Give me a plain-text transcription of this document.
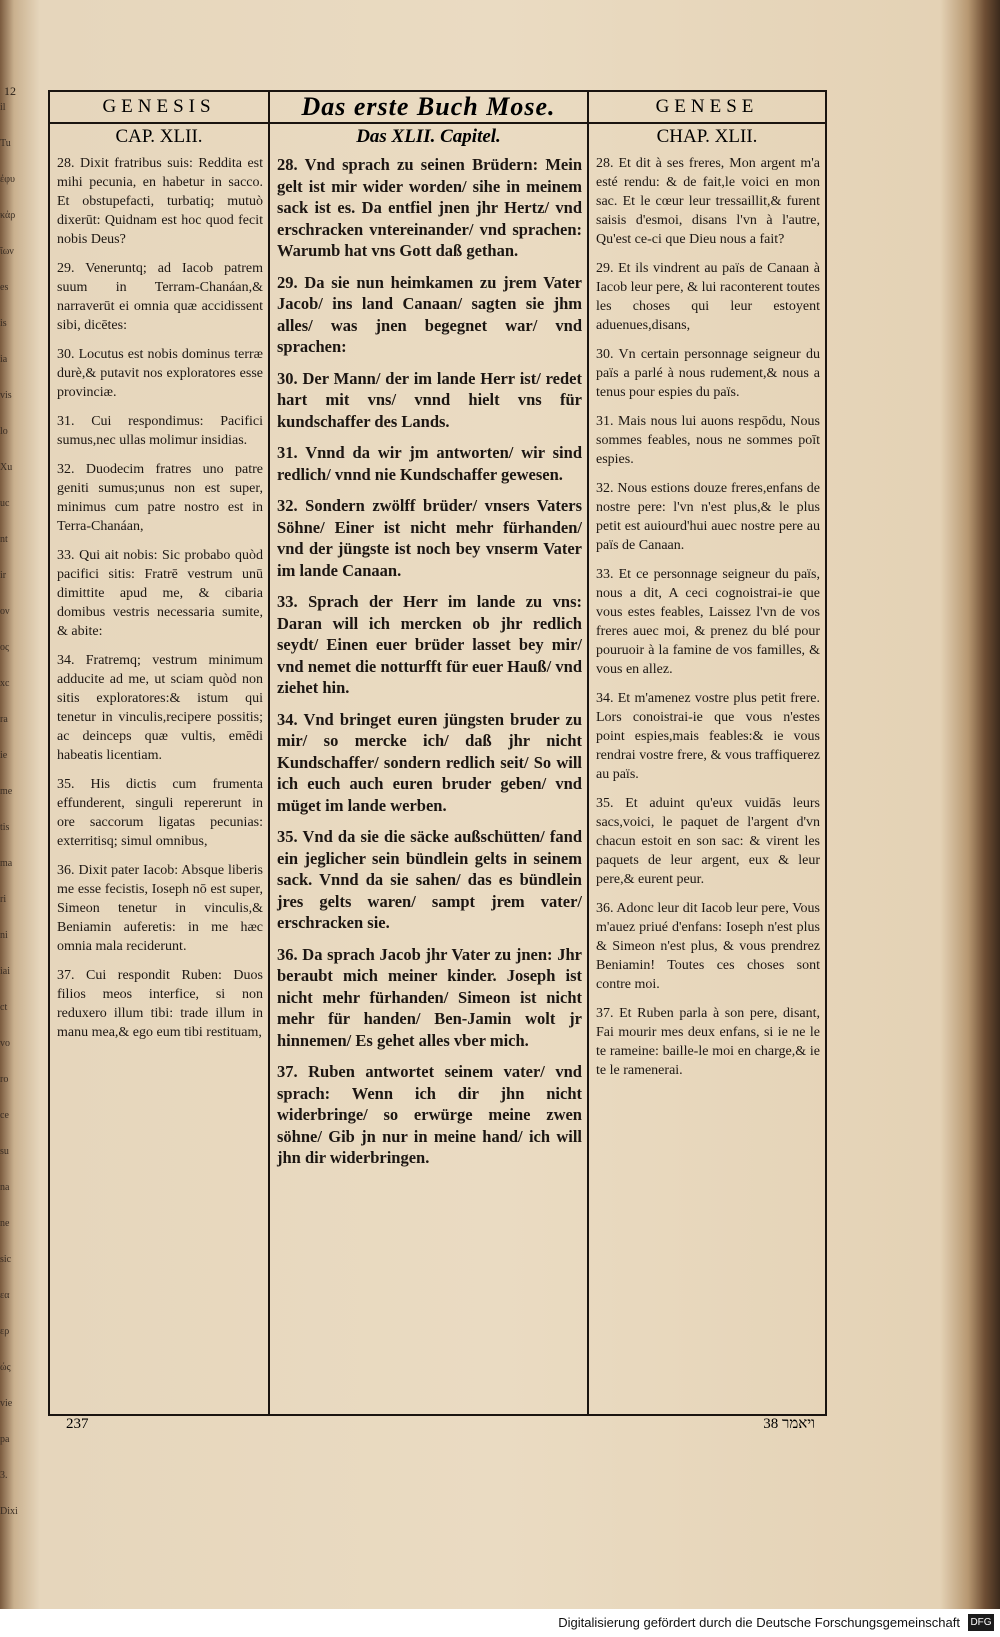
12
il
Tu
ἐφυ
κἀρ
ῖων
es
is
ia
vis
lo
Xu
uc
nt
ir
ον
ος
xc
ra
ie
me
tis
ma
ri
ni
iai
ct
vo
ro
ce
su
na
ne
sic
εα
ερ
ώς
vie
pa
3. Dixi
GENESIS
CAP. XLII.

28. Dixit fratribus suis: Reddita est mihi pecunia, en habetur in sacco. Et obstupefacti, turbatiq; mutuò dixerūt: Quidnam est hoc quod fecit nobis Deus?

29. Veneruntq; ad Iacob patrem suum in Terram-Chanáan,& narraverūt ei omnia quæ accidissent sibi, dicētes:

30. Locutus est nobis dominus terræ durè,& putavit nos exploratores esse provinciæ.

31. Cui respondimus: Pacifici sumus,nec ullas molimur insidias.

32. Duodecim fratres uno patre geniti sumus;unus non est super, minimus cum patre nostro est in Terra-Chanáan,

33. Qui ait nobis: Sic probabo quòd pacifici sitis: Fratrē vestrum unū dimittite apud me, & cibaria domibus vestris necessaria sumite, & abite:

34. Fratremq; vestrum minimum adducite ad me, ut sciam quòd non sitis exploratores:& istum qui tenetur in vinculis,recipere possitis; ac deinceps quæ vultis, emēdi habeatis licentiam.

35. His dictis cum frumenta effunderent, singuli repererunt in ore saccorum ligatas pecunias: exterritisq; simul omnibus,

36. Dixit pater Iacob: Absque liberis me esse fecistis, Ioseph nō est super, Simeon tenetur in vinculis,& Beniamin auferetis: in me hæc omnia mala reciderunt.

37. Cui respondit Ruben: Duos filios meos interfice, si non reduxero illum tibi: trade illum in manu mea,& ego eum tibi restituam,

Das erste Buch Mose.
Das XLII. Capitel.

28. Vnd sprach zu seinen Brüdern: Mein gelt ist mir wider worden/ sihe in meinem sack ist es. Da entfiel jnen jhr Hertz/ vnd erschracken vntereinander/ vnd sprachen: Warumb hat vns Gott daß gethan.

29. Da sie nun heimkamen zu jrem Vater Jacob/ ins land Canaan/ sagten sie jhm alles/ was jnen begegnet war/ vnd sprachen:

30. Der Mann/ der im lande Herr ist/ redet hart mit vns/ vnnd hielt vns für kundschaffer des Lands.

31. Vnnd da wir jm antworten/ wir sind redlich/ vnnd nie Kundschaffer gewesen.

32. Sondern zwölff brüder/ vnsers Vaters Söhne/ Einer ist nicht mehr fürhanden/ vnd der jüngste ist noch bey vnserm Vater im lande Canaan.

33. Sprach der Herr im lande zu vns: Daran will ich mercken ob jhr redlich seydt/ Einen euer brüder lasset bey mir/ vnd nemet die notturfft für euer Hauß/ vnd ziehet hin.

34. Vnd bringet euren jüngsten bruder zu mir/ so mercke ich/ daß jhr nicht Kundschaffer/ sondern redlich seit/ So will ich euch auch euren bruder geben/ vnd müget im lande werben.

35. Vnd da sie die säcke außschütten/ fand ein jeglicher sein bündlein gelts in seinem sack. Vnnd da sie sahen/ das es bündlein jres gelts waren/ sampt jrem vater/ erschracken sie.

36. Da sprach Jacob jhr Vater zu jnen: Jhr beraubt mich meiner kinder. Joseph ist nicht mehr fürhanden/ Simeon ist nicht mehr für handen/ Ben-Jamin wolt jr hinnemen/ Es gehet alles vber mich.

37. Ruben antwortet seinem vater/ vnd sprach: Wenn ich dir jhn nicht widerbringe/ so erwürge meine zwen söhne/ Gib jn nur in meine hand/ ich will jhn dir widerbringen.

GENESE
CHAP. XLII.

28. Et dit à ses freres, Mon argent m'a esté rendu: & de fait,le voici en mon sac. Et le cœur leur tressaillit,& furent saisis d'esmoi, disans l'vn à l'autre, Qu'est ce-ci que Dieu nous a fait?

29. Et ils vindrent au païs de Canaan à Iacob leur pere, & lui raconterent toutes les choses qui leur estoyent aduenues,disans,

30. Vn certain personnage seigneur du païs a parlé à nous rudement,& nous a tenus pour espies du païs.

31. Mais nous lui auons respōdu, Nous sommes feables, nous ne sommes poīt espies.

32. Nous estions douze freres,enfans de nostre pere: l'vn n'est plus,& le plus petit est auiourd'hui auec nostre pere au païs de Canaan.

33. Et ce personnage seigneur du païs, nous a dit, A ceci cognoistrai-ie que vous estes feables, Laissez l'vn de vos freres auec moi, & prenez du blé pour pouruoir à la famine de vos familles, & vous en allez.

34. Et m'amenez vostre plus petit frere. Lors conoistrai-ie que vous n'estes point espies,mais feables:& ie vous rendrai vostre frere, & vous traffiquerez au païs.

35. Et aduint qu'eux vuidās leurs sacs,voici, le paquet de l'argent d'vn chacun estoit en son sac: & virent les paquets de leur argent, eux & leur pere,& eurent peur.

36. Adonc leur dit Iacob leur pere, Vous m'auez priué d'enfans: Ioseph n'est plus & Simeon n'est plus, & vous prendrez Beniamin! Toutes ces choses sont contre moi.

37. Et Ruben parla à son pere, disant, Fai mourir mes deux enfans, si ie ne le te rameine: baille-le moi en charge,& ie te le ramenerai.

237	ויאמר 38
Digitalisierung gefördert durch die Deutsche Forschungsgemeinschaft DFG
